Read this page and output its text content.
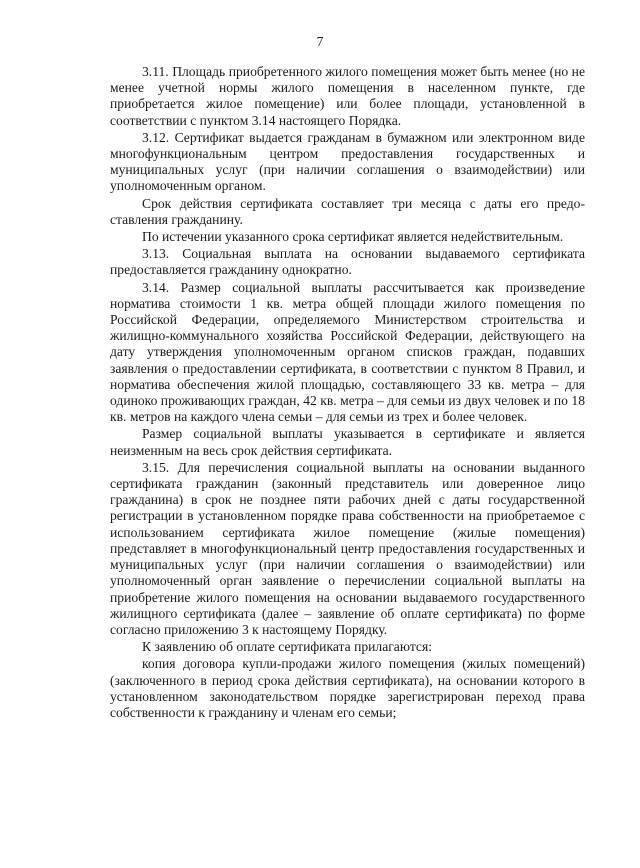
7

3.11. Площадь приобретенного жилого помещения может быть менее (но не менее учетной нормы жилого помещения в населенном пункте, где приобретается жилое помещение) или более площади, установленной в соответствии с пунктом 3.14 настоящего Порядка.

3.12. Сертификат выдается гражданам в бумажном или электронном виде многофункциональным центром предоставления государственных и муниципальных услуг (при наличии соглашения о взаимодействии) или уполномоченным органом.

Срок действия сертификата составляет три месяца с даты его предоставления гражданину.

По истечении указанного срока сертификат является недействительным.

3.13. Социальная выплата на основании выдаваемого сертификата предоставляется гражданину однократно.

3.14. Размер социальной выплаты рассчитывается как произведение норматива стоимости 1 кв. метра общей площади жилого помещения по Российской Федерации, определяемого Министерством строительства и жилищно-коммунального хозяйства Российской Федерации, действующего на дату утверждения уполномоченным органом списков граждан, подавших заявления о предоставлении сертификата, в соответствии с пунктом 8 Правил, и норматива обеспечения жилой площадью, составляющего 33 кв. метра – для одиноко проживающих граждан, 42 кв. метра – для семьи из двух человек и по 18 кв. метров на каждого члена семьи – для семьи из трех и более человек.

Размер социальной выплаты указывается в сертификате и является неизменным на весь срок действия сертификата.

3.15. Для перечисления социальной выплаты на основании выданного сертификата гражданин (законный представитель или доверенное лицо гражданина) в срок не позднее пяти рабочих дней с даты государственной регистрации в установленном порядке права собственности на приобретаемое с использованием сертификата жилое помещение (жилые помещения) представляет в многофункциональный центр предоставления государственных и муниципальных услуг (при наличии соглашения о взаимодействии) или уполномоченный орган заявление о перечислении социальной выплаты на приобретение жилого помещения на основании выдаваемого государственного жилищного сертификата (далее – заявление об оплате сертификата) по форме согласно приложению 3 к настоящему Порядку.

К заявлению об оплате сертификата прилагаются:

копия договора купли-продажи жилого помещения (жилых помещений) (заключенного в период срока действия сертификата), на основании которого в установленном законодательством порядке зарегистрирован переход права собственности к гражданину и членам его семьи;
